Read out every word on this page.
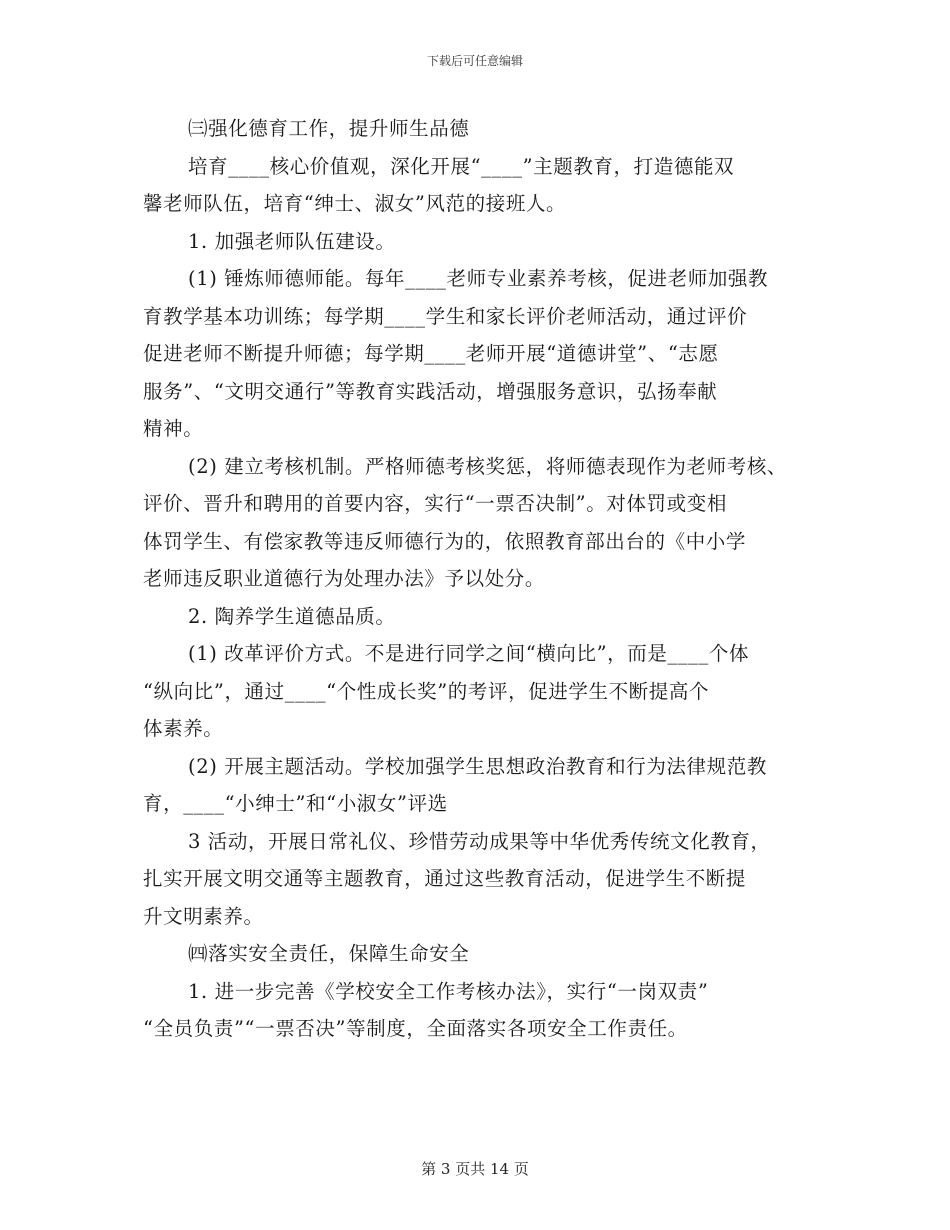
下载后可任意编辑
㈢强化德育工作，提升师生品德
培育____核心价值观，深化开展“____”主题教育，打造德能双
馨老师队伍，培育“绅士、淑女”风范的接班人。
1. 加强老师队伍建设。
(1) 锤炼师德师能。每年____老师专业素养考核，促进老师加强教
育教学基本功训练；每学期____学生和家长评价老师活动，通过评价
促进老师不断提升师德；每学期____老师开展“道德讲堂”、“志愿
服务”、“文明交通行”等教育实践活动，增强服务意识，弘扬奉献
精神。
(2) 建立考核机制。严格师德考核奖惩，将师德表现作为老师考核、
评价、晋升和聘用的首要内容，实行“一票否决制”。对体罚或变相
体罚学生、有偿家教等违反师德行为的，依照教育部出台的《中小学
老师违反职业道德行为处理办法》予以处分。
2. 陶养学生道德品质。
(1) 改革评价方式。不是进行同学之间“横向比”，而是____个体
“纵向比”，通过____“个性成长奖”的考评，促进学生不断提高个
体素养。
(2) 开展主题活动。学校加强学生思想政治教育和行为法律规范教
育，____“小绅士”和“小淑女”评选
3 活动，开展日常礼仪、珍惜劳动成果等中华优秀传统文化教育，
扎实开展文明交通等主题教育，通过这些教育活动，促进学生不断提
升文明素养。
㈣落实安全责任，保障生命安全
1. 进一步完善《学校安全工作考核办法》，实行“一岗双责”
“全员负责”“一票否决”等制度，全面落实各项安全工作责任。
第 3 页共 14 页
